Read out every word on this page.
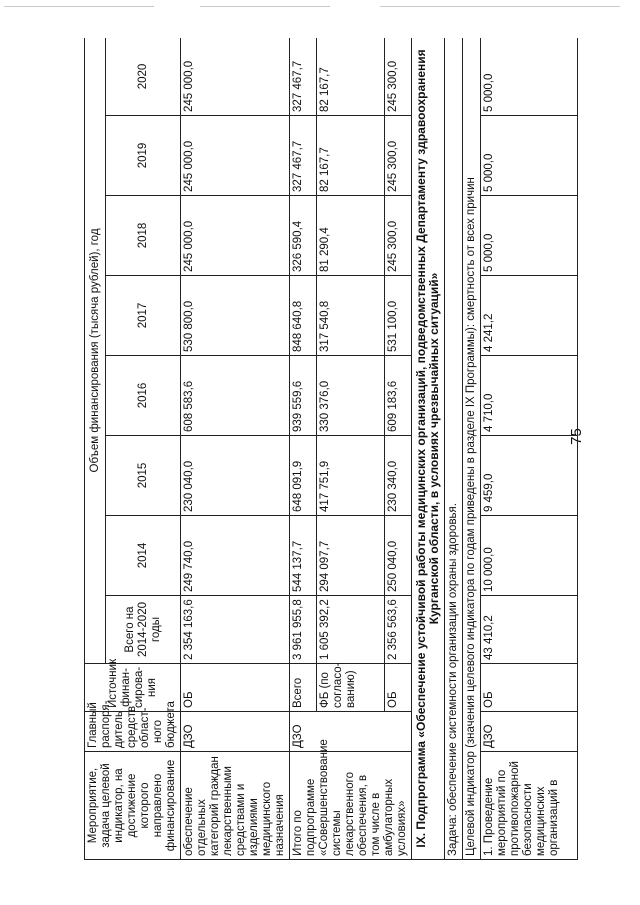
75
Мероприятие, задача целевой индикатор, на достижение которого направлено финансирование	Главный распоря-дитель средств област-ного бюджета	Источник финан-сирова-ния	Объем финансирования (тысяча рублей), год							
			Всего на 2014-2020 годы	2014	2015	2016	2017	2018	2019	2020
обеспечение отдельных категорий граждан лекарственными средствами и изделиями медицинского назначения	ДЗО	ОБ	2 354 163,6	249 740,0	230 040,0	608 583,6	530 800,0	245 000,0	245 000,0	245 000,0
Итого по подпрограмме «Совершенствование системы лекарственного обеспечения, в том числе в амбулаторных условиях»	ДЗО	Всего	3 961 955,8	544 137,7	648 091,9	939 559,6	848 640,8	326 590,4	327 467,7	327 467,7
		ФБ (по согласо-ванию)	1 605 392,2	294 097,7	417 751,9	330 376,0	317 540,8	81 290,4	82 167,7	82 167,7
		ОБ	2 356 563,6	250 040,0	230 340,0	609 183,6	531 100,0	245 300,0	245 300,0	245 300,0
IX. Подпрограмма «Обеспечение устойчивой работы медицинских организаций, подведомственных Департаменту здравоохранения Курганской области, в условиях чрезвычайных ситуаций»										
Задача: обеспечение системности организации охраны здоровья.										
Целевой индикатор (значения целевого индикатора по годам приведены в разделе IX Программы): смертность от всех причин										
1. Проведение мероприятий по противопожарной безопасности медицинских организаций в	ДЗО	ОБ	43 410,2	10 000,0	9 459,0	4 710,0	4 241,2	5 000,0	5 000,0	5 000,0
